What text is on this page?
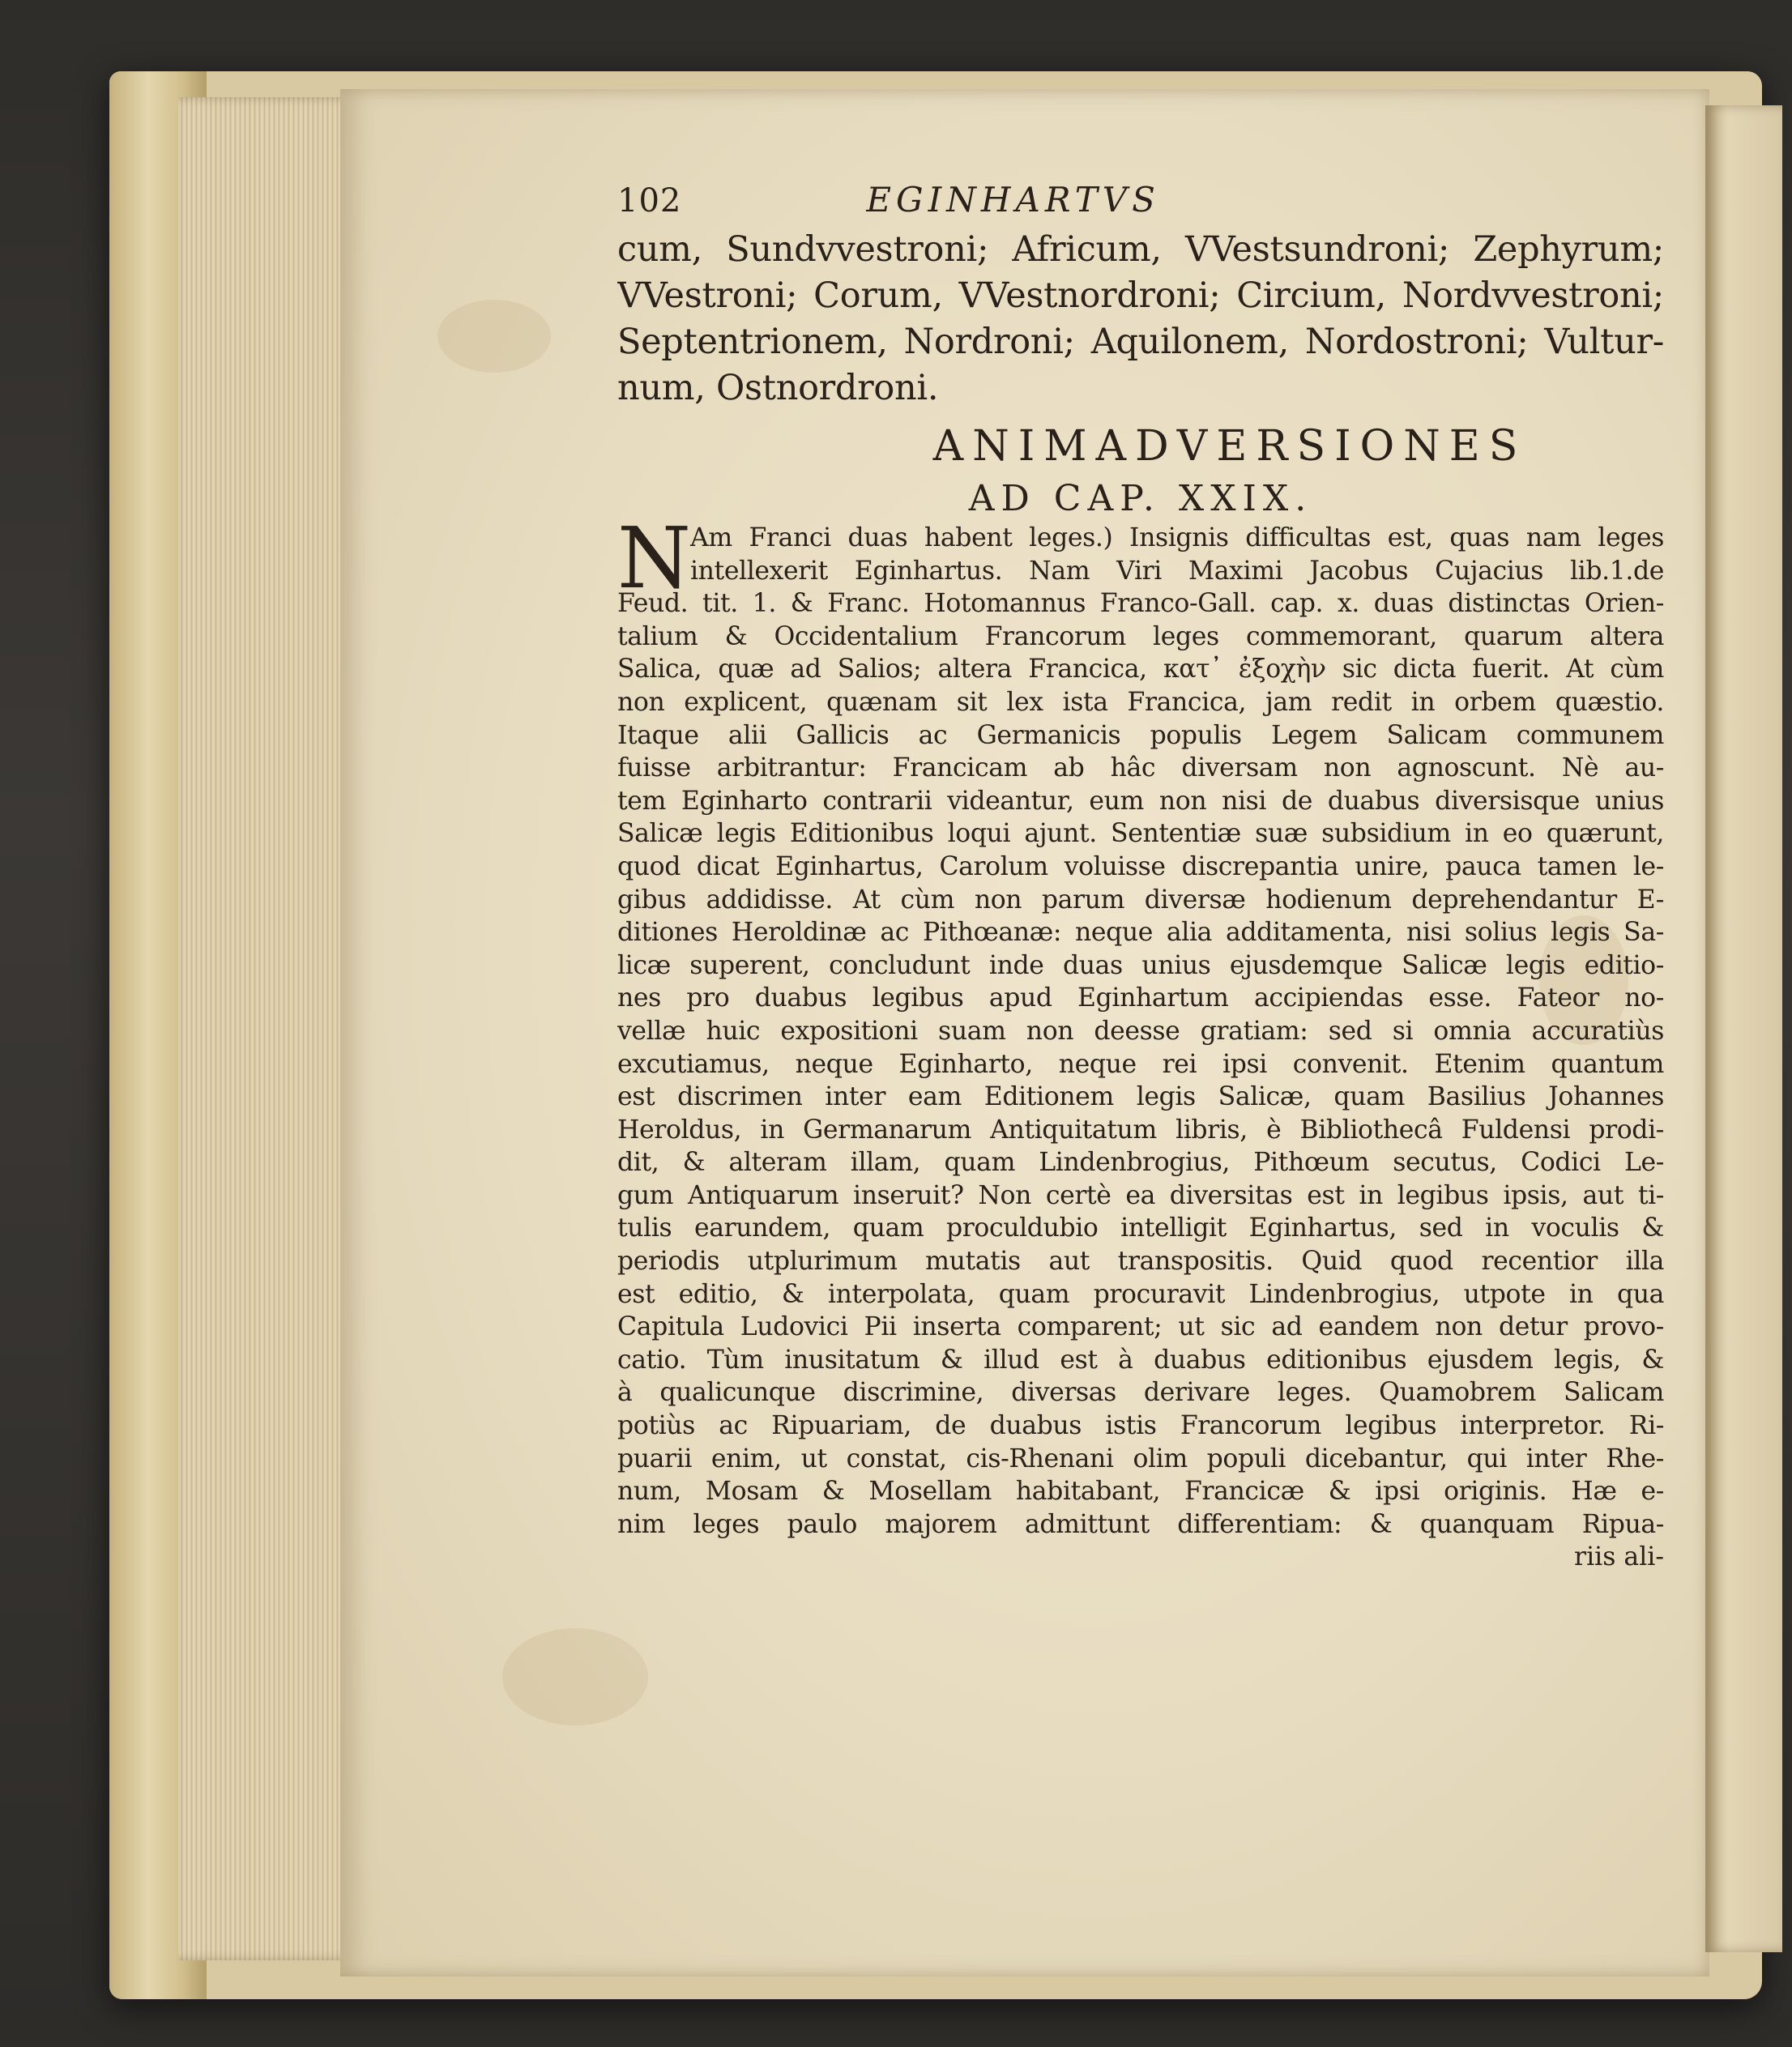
102	EGINHARTVS
cum, Sundvvestroni; Africum, VVestsundroni; Zephyrum;
VVestroni; Corum, VVestnordroni; Circium, Nordvvestroni;
Septentrionem, Nordroni; Aquilonem, Nordostroni; Vultur-
num, Ostnordroni.
ANIMADVERSIONES
AD CAP. XXIX.
N Am Franci duas habent leges.) Insignis difficultas est, quas nam leges
intellexerit Eginhartus. Nam Viri Maximi Jacobus Cujacius lib.1.de
Feud. tit. 1. & Franc. Hotomannus Franco-Gall. cap. x. duas distinctas Orien-
talium & Occidentalium Francorum leges commemorant, quarum altera
Salica, quæ ad Salios; altera Francica, κατ᾽ ἐξοχὴν sic dicta fuerit. At cùm
non explicent, quænam sit lex ista Francica, jam redit in orbem quæstio.
Itaque alii Gallicis ac Germanicis populis Legem Salicam communem
fuisse arbitrantur: Francicam ab hâc diversam non agnoscunt. Nè au-
tem Eginharto contrarii videantur, eum non nisi de duabus diversisque unius
Salicæ legis Editionibus loqui ajunt. Sententiæ suæ subsidium in eo quærunt,
quod dicat Eginhartus, Carolum voluisse discrepantia unire, pauca tamen le-
gibus addidisse. At cùm non parum diversæ hodienum deprehendantur E-
ditiones Heroldinæ ac Pithœanæ: neque alia additamenta, nisi solius legis Sa-
licæ superent, concludunt inde duas unius ejusdemque Salicæ legis editio-
nes pro duabus legibus apud Eginhartum accipiendas esse. Fateor no-
vellæ huic expositioni suam non deesse gratiam: sed si omnia accuratiùs
excutiamus, neque Eginharto, neque rei ipsi convenit. Etenim quantum
est discrimen inter eam Editionem legis Salicæ, quam Basilius Johannes
Heroldus, in Germanarum Antiquitatum libris, è Bibliothecâ Fuldensi prodi-
dit, & alteram illam, quam Lindenbrogius, Pithœum secutus, Codici Le-
gum Antiquarum inseruit? Non certè ea diversitas est in legibus ipsis, aut ti-
tulis earundem, quam proculdubio intelligit Eginhartus, sed in voculis &
periodis utplurimum mutatis aut transpositis. Quid quod recentior illa
est editio, & interpolata, quam procuravit Lindenbrogius, utpote in qua
Capitula Ludovici Pii inserta comparent; ut sic ad eandem non detur provo-
catio. Tùm inusitatum & illud est à duabus editionibus ejusdem legis, &
à qualicunque discrimine, diversas derivare leges. Quamobrem Salicam
potiùs ac Ripuariam, de duabus istis Francorum legibus interpretor. Ri-
puarii enim, ut constat, cis-Rhenani olim populi dicebantur, qui inter Rhe-
num, Mosam & Mosellam habitabant, Francicæ & ipsi originis. Hæ e-
nim leges paulo majorem admittunt differentiam: & quanquam Ripua-
riis ali-
